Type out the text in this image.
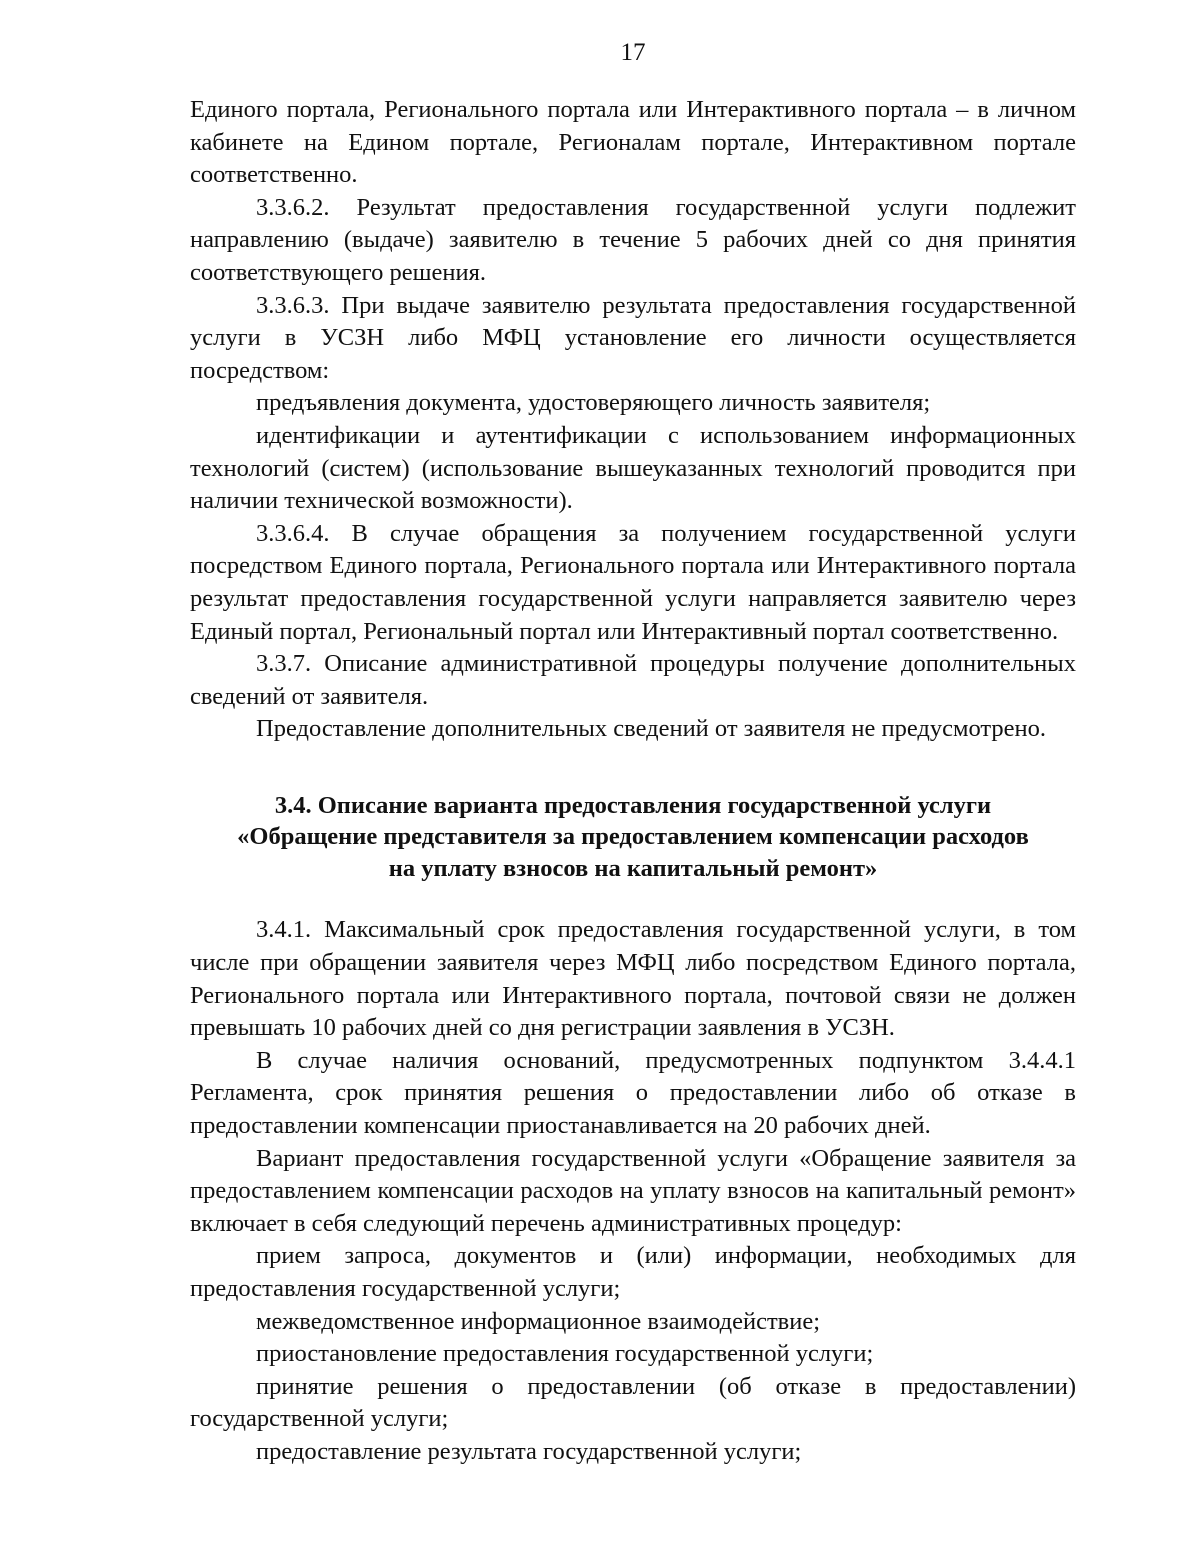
17

Единого портала, Регионального портала или Интерактивного портала – в личном кабинете на Едином портале, Регионалам портале, Интерактивном портале соответственно.

3.3.6.2. Результат предоставления государственной услуги подлежит направлению (выдаче) заявителю в течение 5 рабочих дней со дня принятия соответствующего решения.

3.3.6.3. При выдаче заявителю результата предоставления государственной услуги в УСЗН либо МФЦ установление его личности осуществляется посредством:

предъявления документа, удостоверяющего личность заявителя;

идентификации и аутентификации с использованием информационных технологий (систем) (использование вышеуказанных технологий проводится при наличии технической возможности).

3.3.6.4. В случае обращения за получением государственной услуги посредством Единого портала, Регионального портала или Интерактивного портала результат предоставления государственной услуги направляется заявителю через Единый портал, Региональный портал или Интерактивный портал соответственно.

3.3.7. Описание административной процедуры получение дополнительных сведений от заявителя.

Предоставление дополнительных сведений от заявителя не предусмотрено.

3.4. Описание варианта предоставления государственной услуги «Обращение представителя за предоставлением компенсации расходов на уплату взносов на капитальный ремонт»

3.4.1. Максимальный срок предоставления государственной услуги, в том числе при обращении заявителя через МФЦ либо посредством Единого портала, Регионального портала или Интерактивного портала, почтовой связи не должен превышать 10 рабочих дней со дня регистрации заявления в УСЗН.

В случае наличия оснований, предусмотренных подпунктом 3.4.4.1 Регламента, срок принятия решения о предоставлении либо об отказе в предоставлении компенсации приостанавливается на 20 рабочих дней.

Вариант предоставления государственной услуги «Обращение заявителя за предоставлением компенсации расходов на уплату взносов на капитальный ремонт» включает в себя следующий перечень административных процедур:

прием запроса, документов и (или) информации, необходимых для предоставления государственной услуги;

межведомственное информационное взаимодействие;

приостановление предоставления государственной услуги;

принятие решения о предоставлении (об отказе в предоставлении) государственной услуги;

предоставление результата государственной услуги;
